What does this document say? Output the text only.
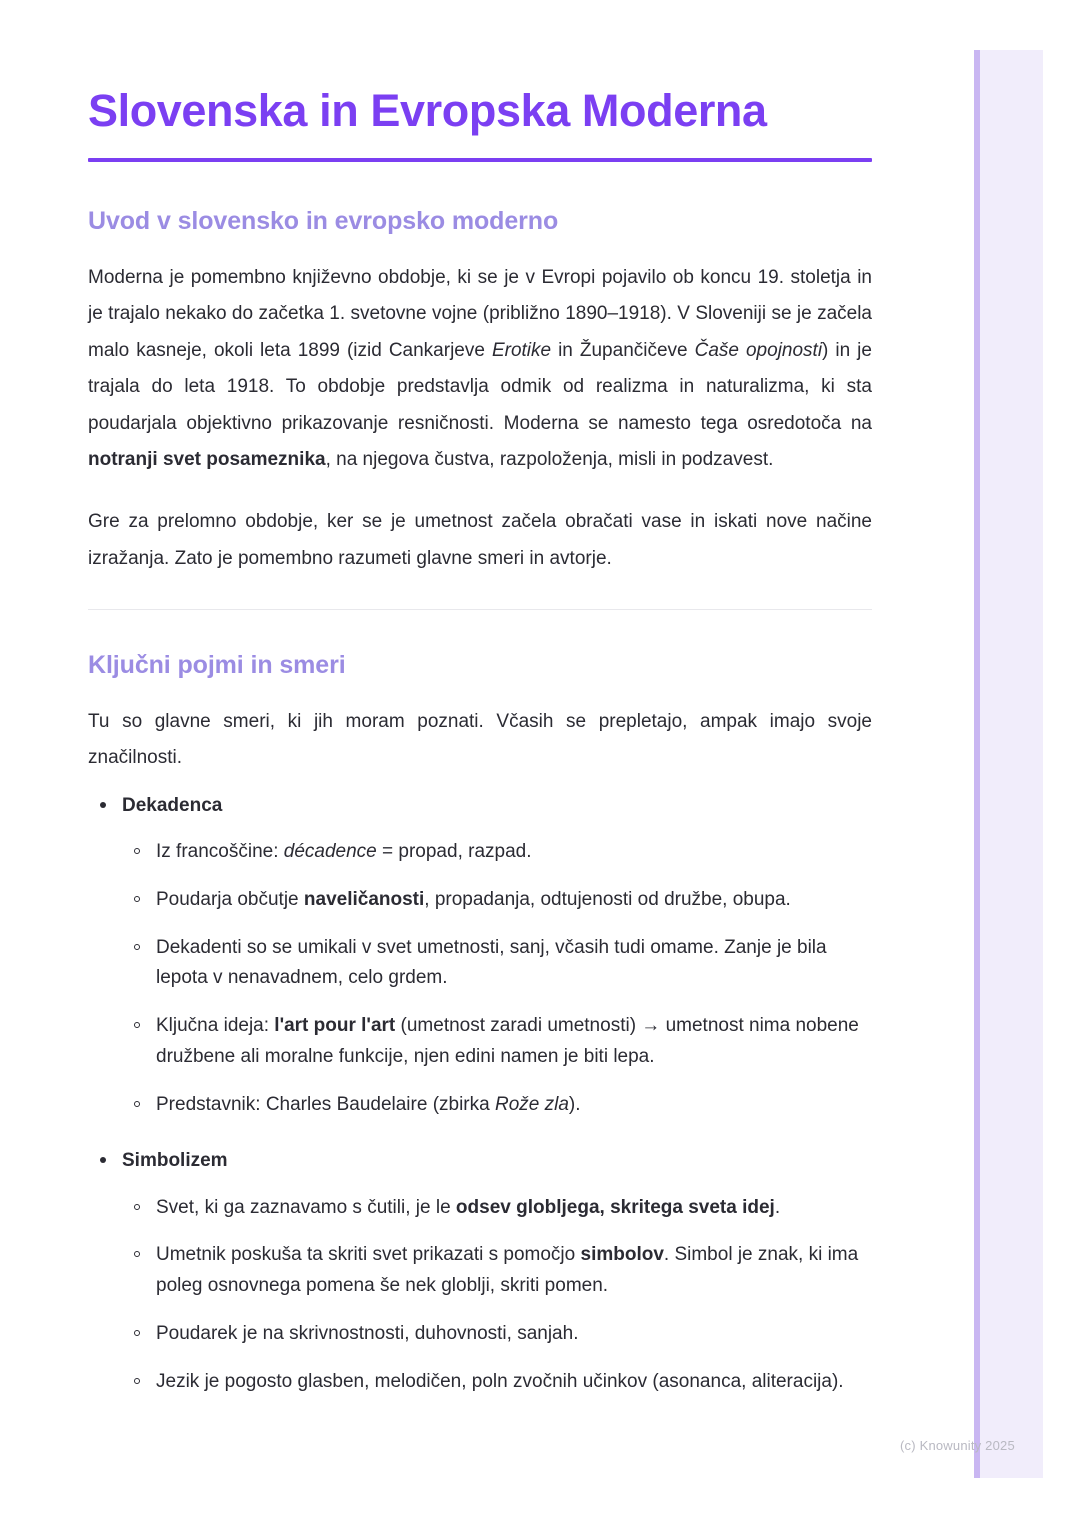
Slovenska in Evropska Moderna
Uvod v slovensko in evropsko moderno

Moderna je pomembno književno obdobje, ki se je v Evropi pojavilo ob koncu 19. stoletja in je trajalo nekako do začetka 1. svetovne vojne (približno 1890–1918). V Sloveniji se je začela malo kasneje, okoli leta 1899 (izid Cankarjeve Erotike in Župančičeve Čaše opojnosti) in je trajala do leta 1918. To obdobje predstavlja odmik od realizma in naturalizma, ki sta poudarjala objektivno prikazovanje resničnosti. Moderna se namesto tega osredotoča na notranji svet posameznika, na njegova čustva, razpoloženja, misli in podzavest.

Gre za prelomno obdobje, ker se je umetnost začela obračati vase in iskati nove načine izražanja. Zato je pomembno razumeti glavne smeri in avtorje.

Ključni pojmi in smeri

Tu so glavne smeri, ki jih moram poznati. Včasih se prepletajo, ampak imajo svoje značilnosti.

Dekadenca
Iz francoščine: décadence = propad, razpad.
Poudarja občutje naveličanosti, propadanja, odtujenosti od družbe, obupa.
Dekadenti so se umikali v svet umetnosti, sanj, včasih tudi omame. Zanje je bila lepota v nenavadnem, celo grdem.
Ključna ideja: l'art pour l'art (umetnost zaradi umetnosti) → umetnost nima nobene družbene ali moralne funkcije, njen edini namen je biti lepa.
Predstavnik: Charles Baudelaire (zbirka Rože zla).
Simbolizem
Svet, ki ga zaznavamo s čutili, je le odsev globljega, skritega sveta idej.
Umetnik poskuša ta skriti svet prikazati s pomočjo simbolov. Simbol je znak, ki ima poleg osnovnega pomena še nek globlji, skriti pomen.
Poudarek je na skrivnostnosti, duhovnosti, sanjah.
Jezik je pogosto glasben, melodičen, poln zvočnih učinkov (asonanca, aliteracija).
(c) Knowunity 2025
